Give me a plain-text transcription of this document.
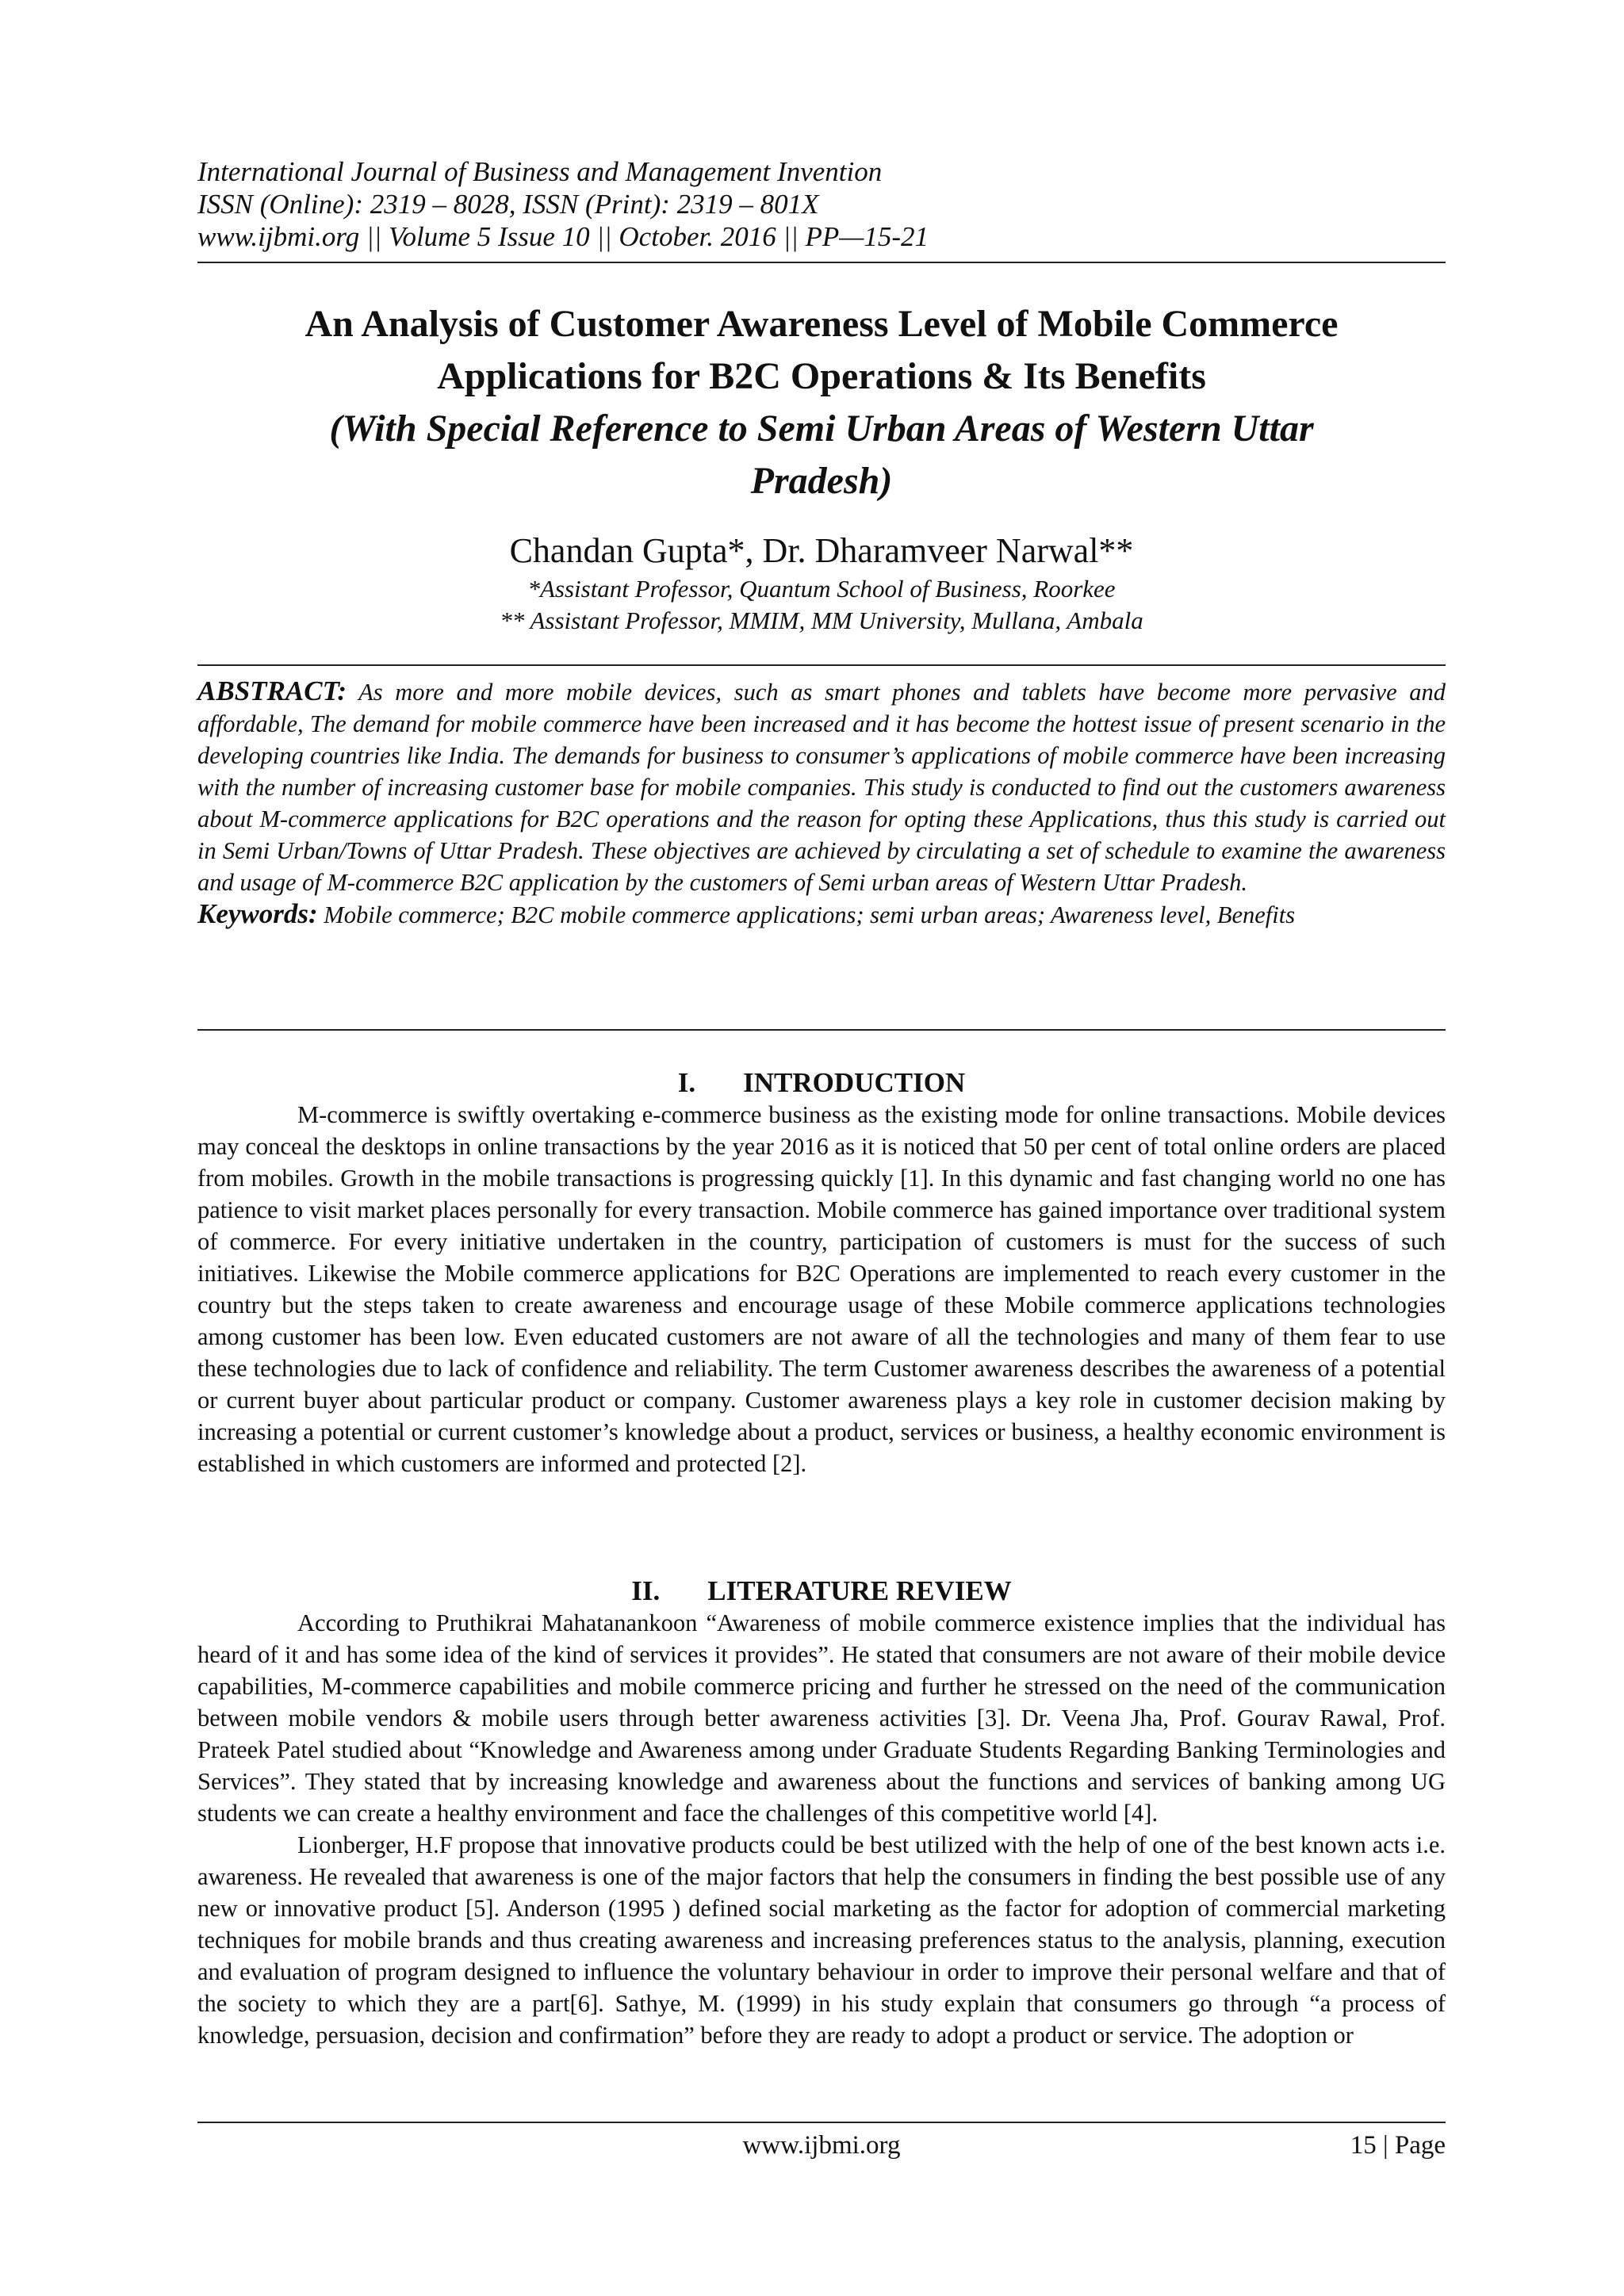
International Journal of Business and Management Invention
ISSN (Online): 2319 – 8028, ISSN (Print): 2319 – 801X
www.ijbmi.org || Volume 5 Issue 10 || October. 2016 || PP—15-21
An Analysis of Customer Awareness Level of Mobile Commerce
Applications for B2C Operations & Its Benefits
(With Special Reference to Semi Urban Areas of Western Uttar
Pradesh)
Chandan Gupta*, Dr. Dharamveer Narwal**
*Assistant Professor, Quantum School of Business, Roorkee
** Assistant Professor, MMIM, MM University, Mullana, Ambala
ABSTRACT: As more and more mobile devices, such as smart phones and tablets have become more pervasive and affordable, The demand for mobile commerce have been increased and it has become the hottest issue of present scenario in the developing countries like India. The demands for business to consumer’s applications of mobile commerce have been increasing with the number of increasing customer base for mobile companies. This study is conducted to find out the customers awareness about M-commerce applications for B2C operations and the reason for opting these Applications, thus this study is carried out in Semi Urban/Towns of Uttar Pradesh. These objectives are achieved by circulating a set of schedule to examine the awareness and usage of M-commerce B2C application by the customers of Semi urban areas of Western Uttar Pradesh.
Keywords: Mobile commerce; B2C mobile commerce applications; semi urban areas; Awareness level, Benefits
I. INTRODUCTION

M-commerce is swiftly overtaking e-commerce business as the existing mode for online transactions. Mobile devices may conceal the desktops in online transactions by the year 2016 as it is noticed that 50 per cent of total online orders are placed from mobiles. Growth in the mobile transactions is progressing quickly [1]. In this dynamic and fast changing world no one has patience to visit market places personally for every transaction. Mobile commerce has gained importance over traditional system of commerce. For every initiative undertaken in the country, participation of customers is must for the success of such initiatives. Likewise the Mobile commerce applications for B2C Operations are implemented to reach every customer in the country but the steps taken to create awareness and encourage usage of these Mobile commerce applications technologies among customer has been low. Even educated customers are not aware of all the technologies and many of them fear to use these technologies due to lack of confidence and reliability. The term Customer awareness describes the awareness of a potential or current buyer about particular product or company. Customer awareness plays a key role in customer decision making by increasing a potential or current customer’s knowledge about a product, services or business, a healthy economic environment is established in which customers are informed and protected [2].

II. LITERATURE REVIEW

According to Pruthikrai Mahatanankoon “Awareness of mobile commerce existence implies that the individual has heard of it and has some idea of the kind of services it provides”. He stated that consumers are not aware of their mobile device capabilities, M-commerce capabilities and mobile commerce pricing and further he stressed on the need of the communication between mobile vendors & mobile users through better awareness activities [3]. Dr. Veena Jha, Prof. Gourav Rawal, Prof. Prateek Patel studied about “Knowledge and Awareness among under Graduate Students Regarding Banking Terminologies and Services”. They stated that by increasing knowledge and awareness about the functions and services of banking among UG students we can create a healthy environment and face the challenges of this competitive world [4].

Lionberger, H.F propose that innovative products could be best utilized with the help of one of the best known acts i.e. awareness. He revealed that awareness is one of the major factors that help the consumers in finding the best possible use of any new or innovative product [5]. Anderson (1995 ) defined social marketing as the factor for adoption of commercial marketing techniques for mobile brands and thus creating awareness and increasing preferences status to the analysis, planning, execution and evaluation of program designed to influence the voluntary behaviour in order to improve their personal welfare and that of the society to which they are a part[6]. Sathye, M. (1999) in his study explain that consumers go through “a process of knowledge, persuasion, decision and confirmation” before they are ready to adopt a product or service. The adoption or

www.ijbmi.org	15 | Page
